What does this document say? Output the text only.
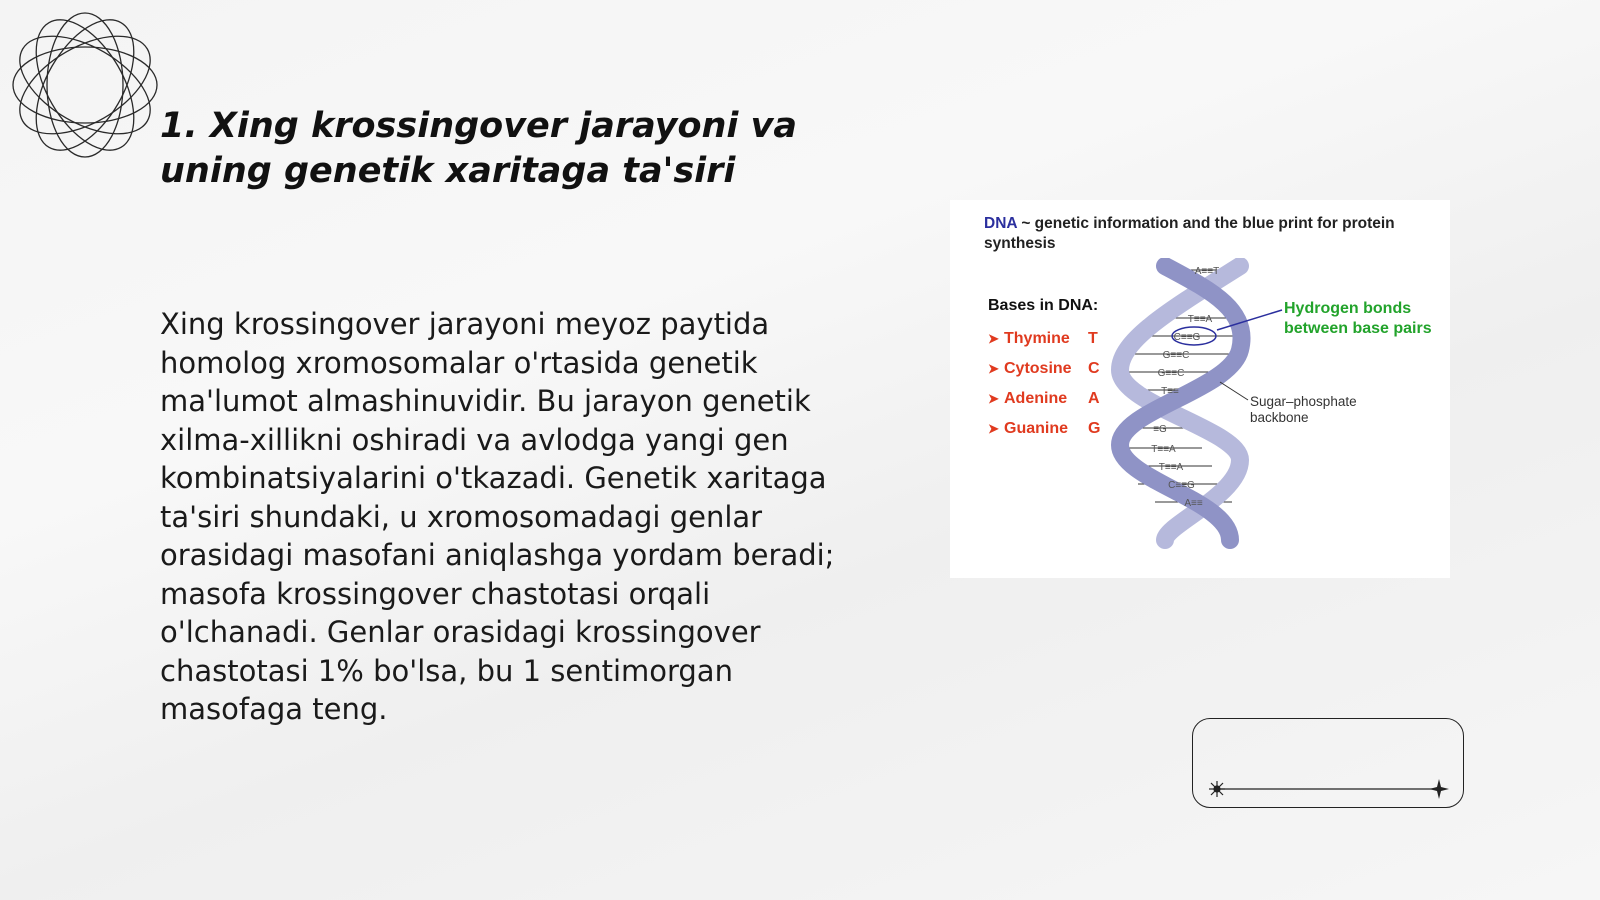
1. Xing krossingover jarayoni va uning genetik xaritaga ta'siri

Xing krossingover jarayoni meyoz paytida homolog xromosomalar o'rtasida genetik ma'lumot almashinuvidir. Bu jarayon genetik xilma-xillikni oshiradi va avlodga yangi gen kombinatsiyalarini o'tkazadi. Genetik xaritaga ta'siri shundaki, u xromosomadagi genlar orasidagi masofani aniqlashga yordam beradi; masofa krossingover chastotasi orqali o'lchanadi. Genlar orasidagi krossingover chastotasi 1% bo'lsa, bu 1 sentimorgan masofaga teng.

DNA ~ genetic information and the blue print for protein synthesis
Bases in DNA:
➤ Thymine	T
➤ Cytosine	C
➤ Adenine	A
➤ Guanine	G
A≡≡T
T≡≡A
C≡≡G
G≡≡C
G≡≡C
T≡≡
≡G
T≡≡A
T≡≡A
C≡≡G
A≡≡
Hydrogen bonds between base pairs
Sugar–phosphate backbone
